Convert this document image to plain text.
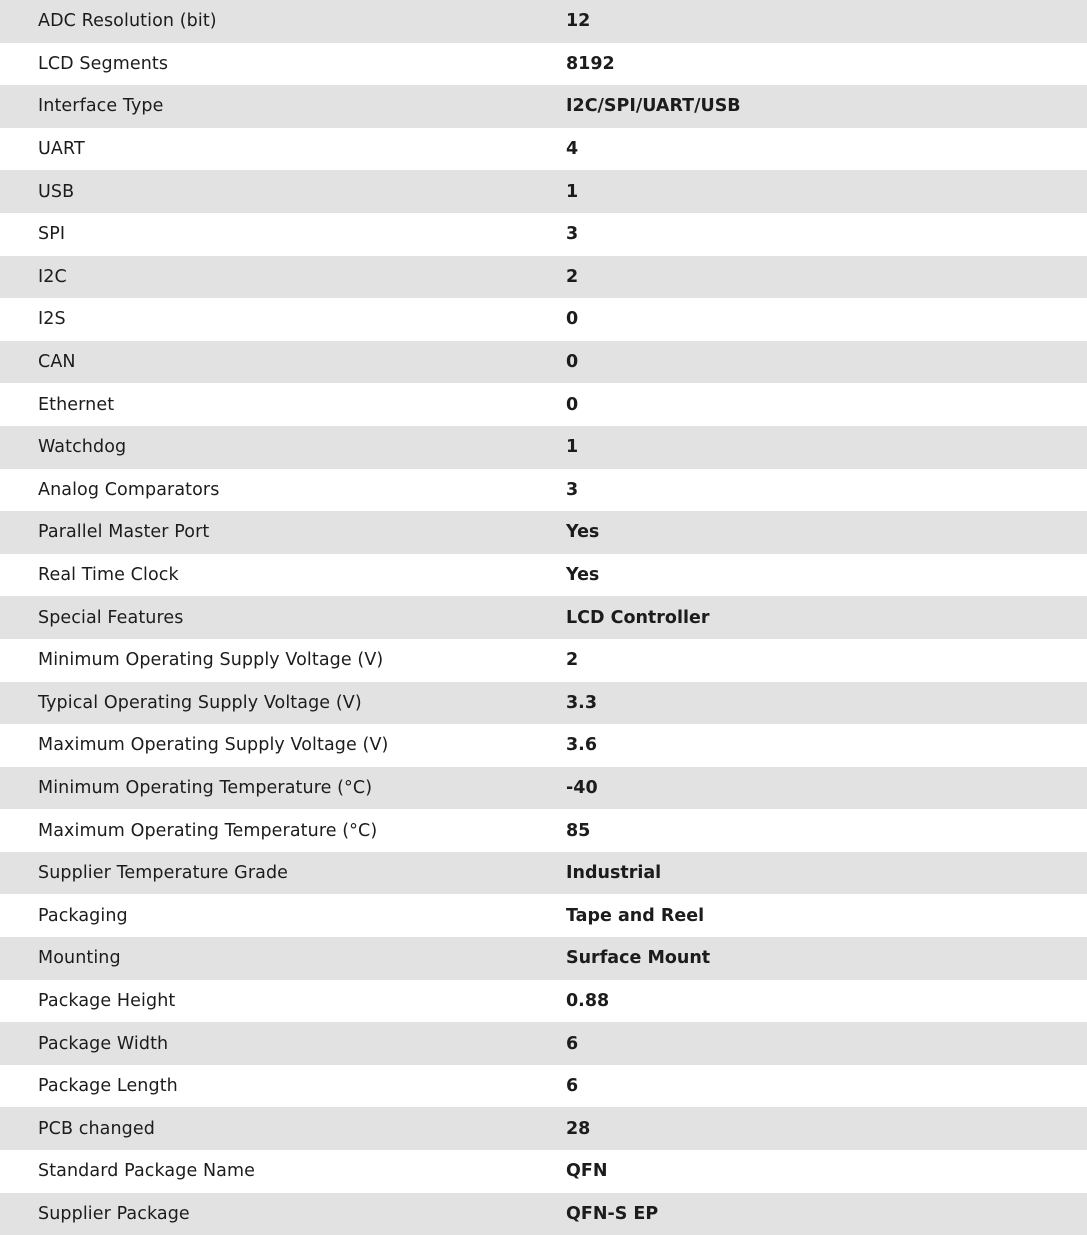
ADC Resolution (bit)	12
LCD Segments	8192
Interface Type	I2C/SPI/UART/USB
UART	4
USB	1
SPI	3
I2C	2
I2S	0
CAN	0
Ethernet	0
Watchdog	1
Analog Comparators	3
Parallel Master Port	Yes
Real Time Clock	Yes
Special Features	LCD Controller
Minimum Operating Supply Voltage (V)	2
Typical Operating Supply Voltage (V)	3.3
Maximum Operating Supply Voltage (V)	3.6
Minimum Operating Temperature (°C)	-40
Maximum Operating Temperature (°C)	85
Supplier Temperature Grade	Industrial
Packaging	Tape and Reel
Mounting	Surface Mount
Package Height	0.88
Package Width	6
Package Length	6
PCB changed	28
Standard Package Name	QFN
Supplier Package	QFN-S EP
